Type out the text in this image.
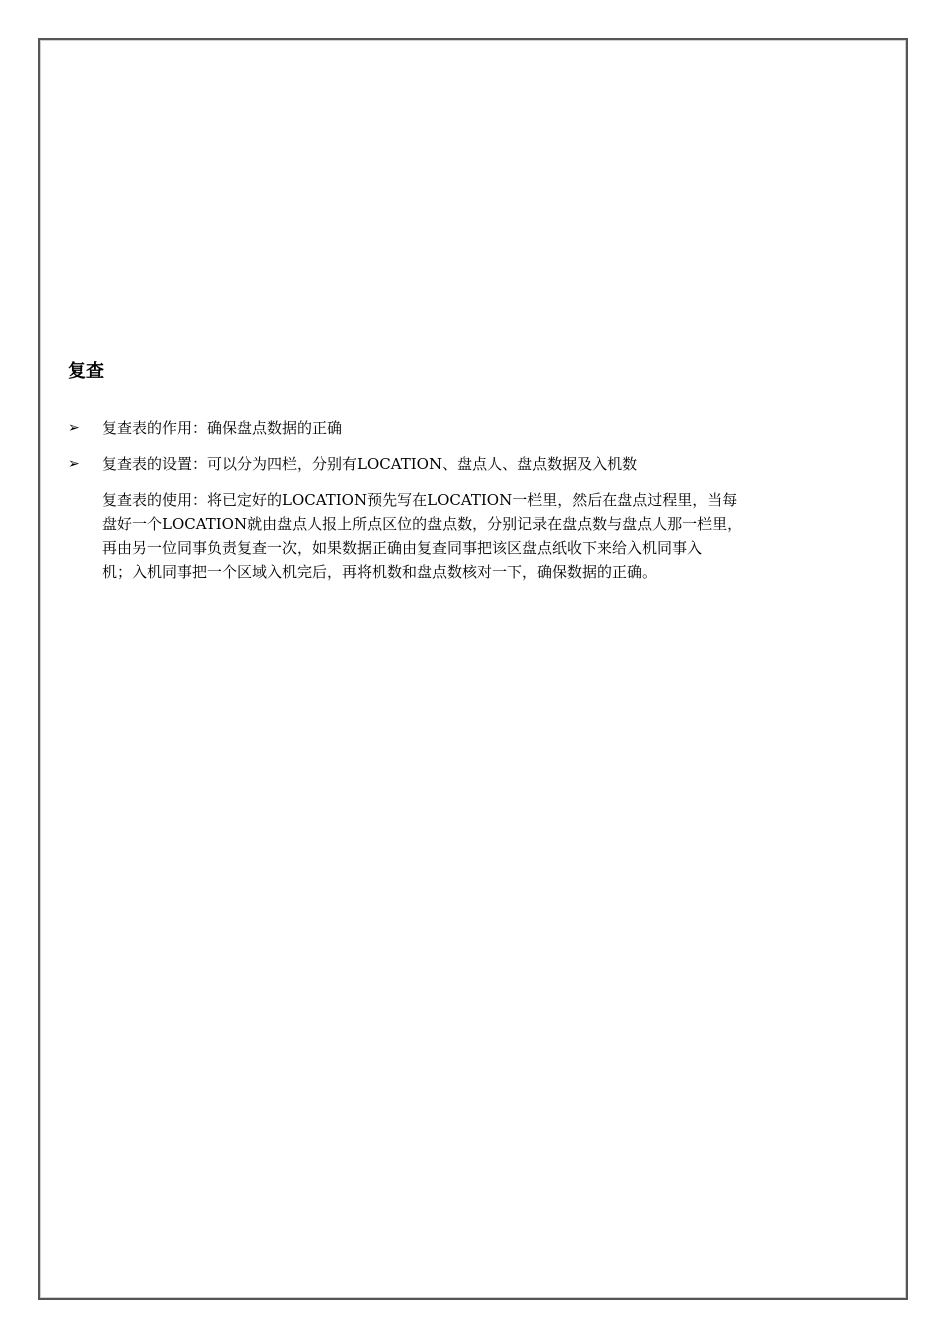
复查
➢	复查表的作用：确保盘点数据的正确
➢	复查表的设置：可以分为四栏，分别有LOCATION、盘点人、盘点数据及入机数

复查表的使用：将已定好的LOCATION预先写在LOCATION一栏里，然后在盘点过程里，当每
盘好一个LOCATION就由盘点人报上所点区位的盘点数，分别记录在盘点数与盘点人那一栏里，
再由另一位同事负责复查一次，如果数据正确由复查同事把该区盘点纸收下来给入机同事入
机；入机同事把一个区域入机完后，再将机数和盘点数核对一下，确保数据的正确。
